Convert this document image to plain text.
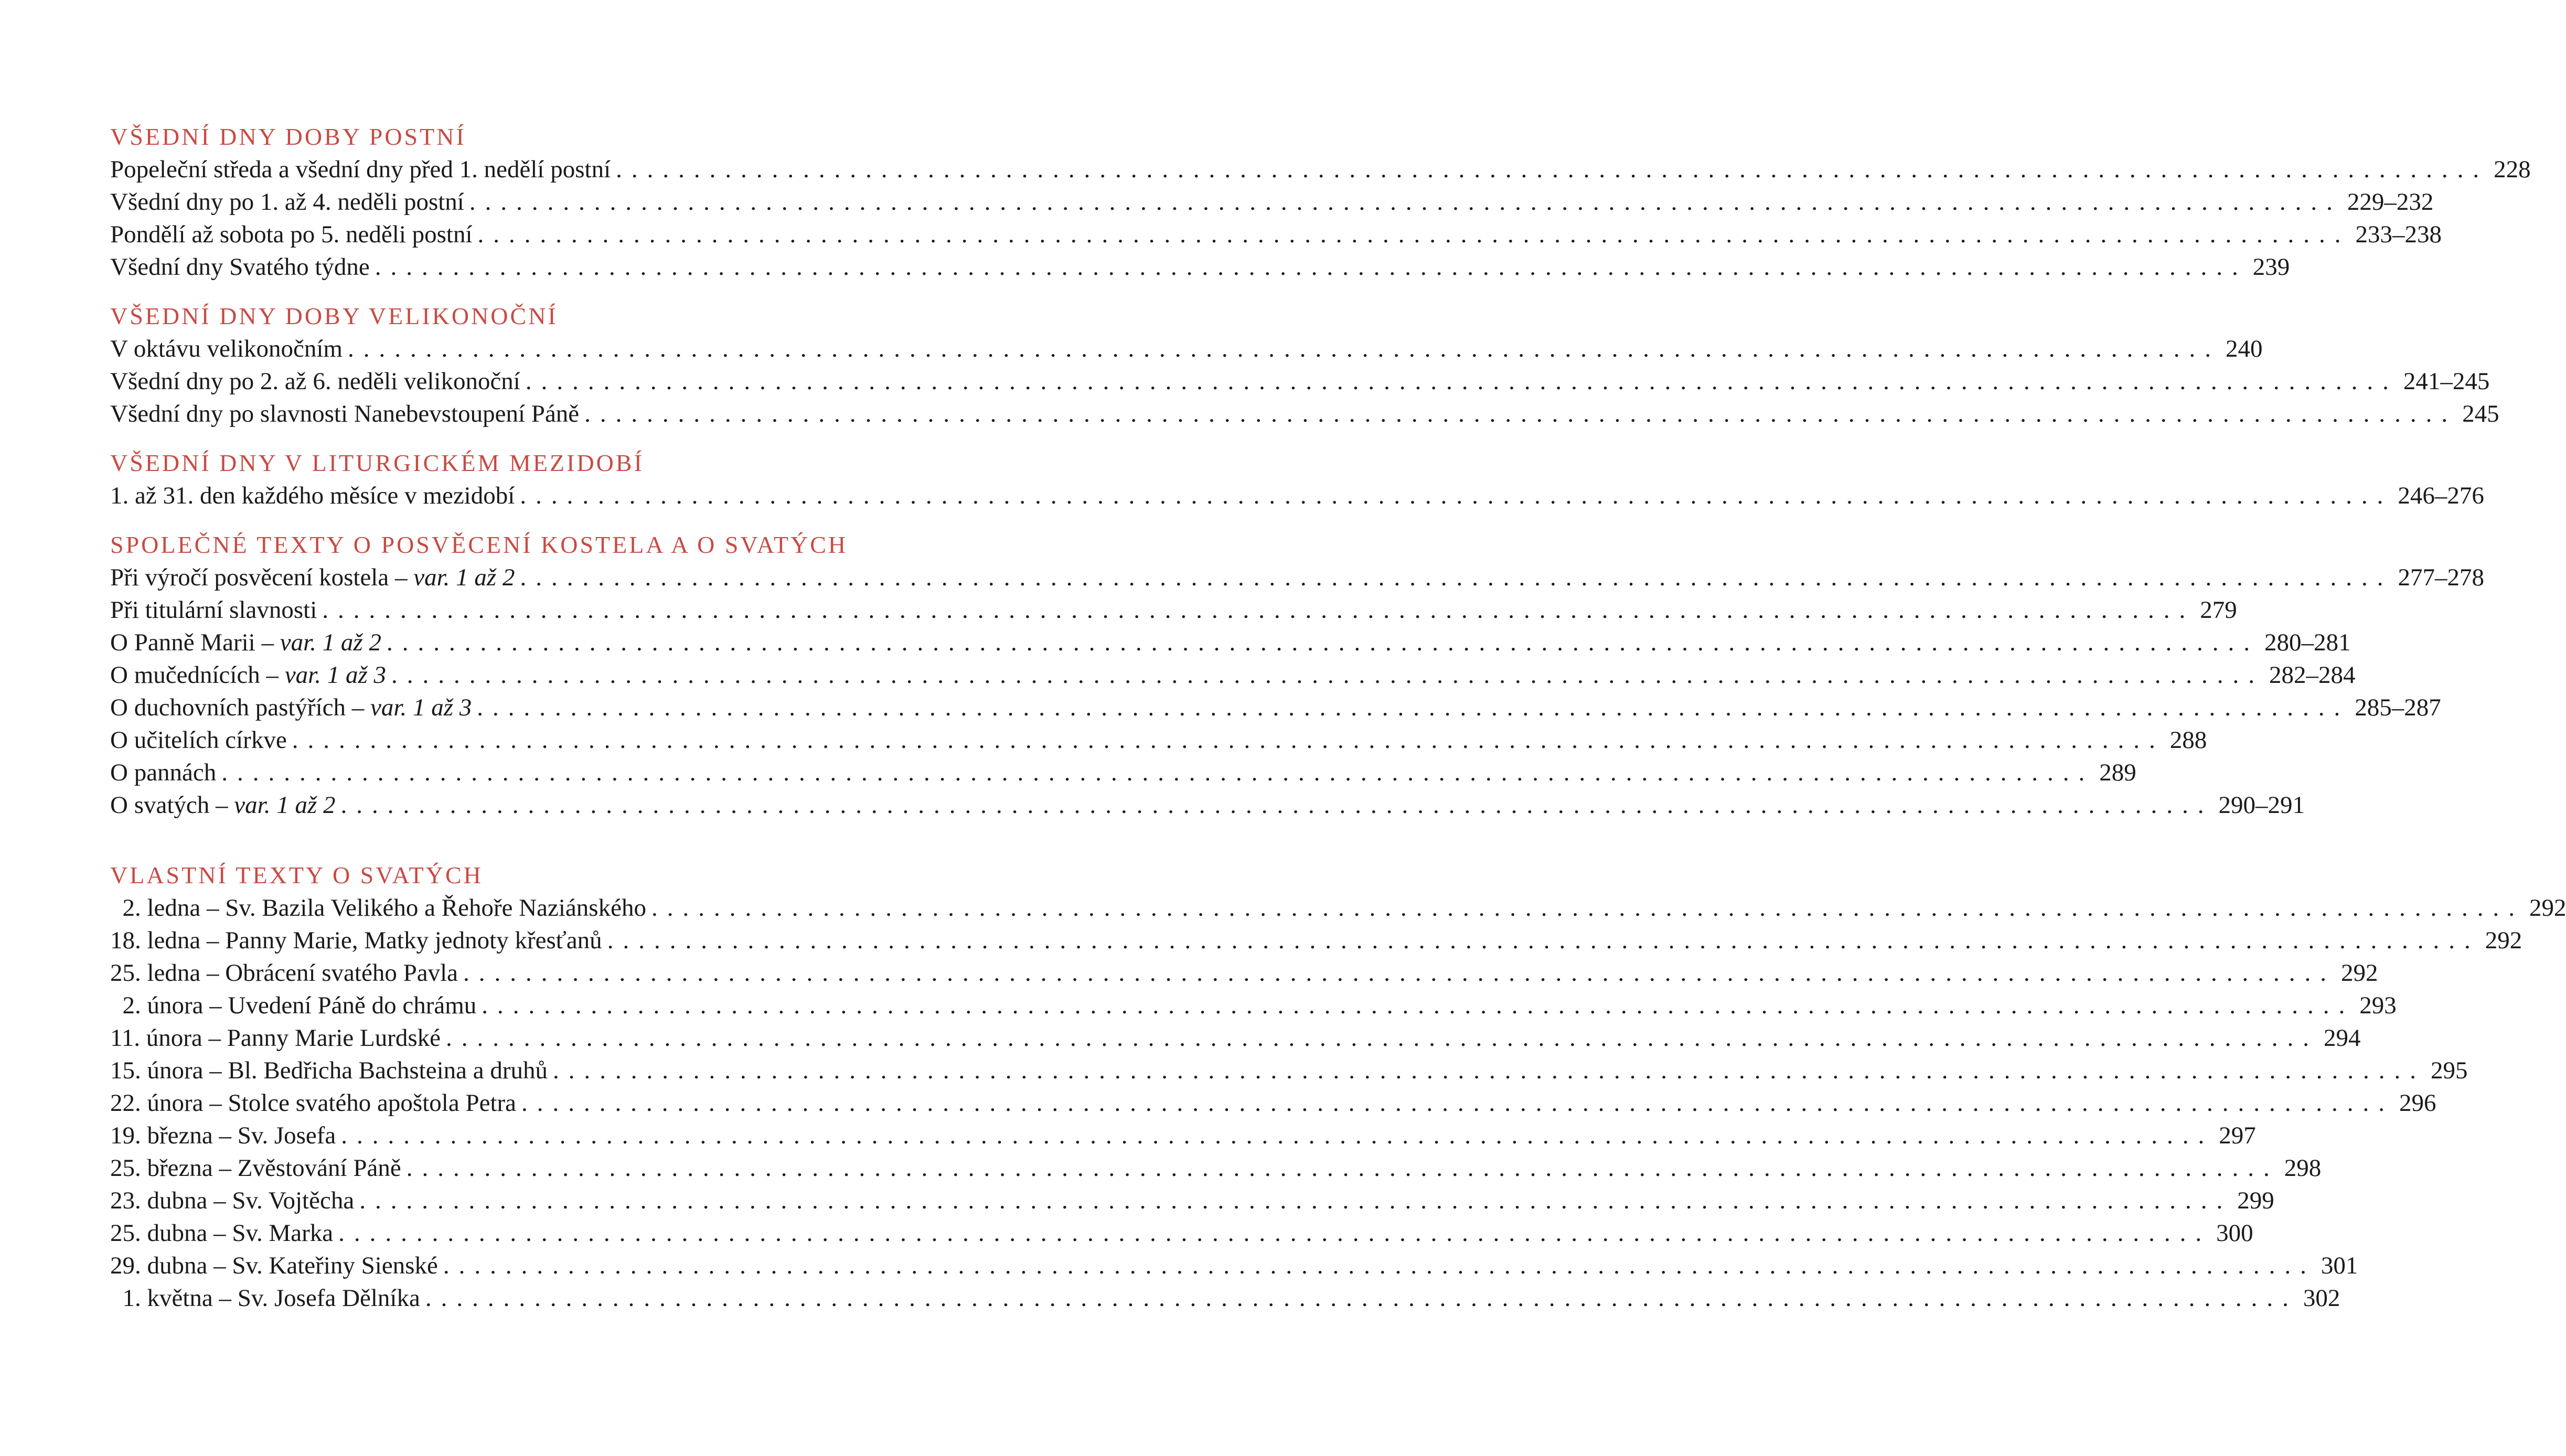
VŠEDNÍ DNY DOBY POSTNÍ
Popeleční středa a všední dny před 1. nedělí postní ........................................................................................................................ 228
Všední dny po 1. až 4. neděli postní ........................................................................................................................ 229–232
Pondělí až sobota po 5. neděli postní ........................................................................................................................ 233–238
Všední dny Svatého týdne ........................................................................................................................ 239
VŠEDNÍ DNY DOBY VELIKONOČNÍ
V oktávu velikonočním ........................................................................................................................ 240
Všední dny po 2. až 6. neděli velikonoční ........................................................................................................................ 241–245
Všední dny po slavnosti Nanebevstoupení Páně ........................................................................................................................ 245
VŠEDNÍ DNY V LITURGICKÉM MEZIDOBÍ
1. až 31. den každého měsíce v mezidobí ........................................................................................................................ 246–276
SPOLEČNÉ TEXTY O POSVĚCENÍ KOSTELA A O SVATÝCH
Při výročí posvěcení kostela – var. 1 až 2 ........................................................................................................................ 277–278
Při titulární slavnosti ........................................................................................................................ 279
O Panně Marii – var. 1 až 2 ........................................................................................................................ 280–281
O mučednících – var. 1 až 3 ........................................................................................................................ 282–284
O duchovních pastýřích – var. 1 až 3 ........................................................................................................................ 285–287
O učitelích církve ........................................................................................................................ 288
O pannách ........................................................................................................................ 289
O svatých – var. 1 až 2 ........................................................................................................................ 290–291
VLASTNÍ TEXTY O SVATÝCH
2. ledna – Sv. Bazila Velikého a Řehoře Naziánského ........................................................................................................................ 292
18. ledna – Panny Marie, Matky jednoty křesťanů ........................................................................................................................ 292
25. ledna – Obrácení svatého Pavla ........................................................................................................................ 292
2. února – Uvedení Páně do chrámu ........................................................................................................................ 293
11. února – Panny Marie Lurdské ........................................................................................................................ 294
15. února – Bl. Bedřicha Bachsteina a druhů ........................................................................................................................ 295
22. února – Stolce svatého apoštola Petra ........................................................................................................................ 296
19. března – Sv. Josefa ........................................................................................................................ 297
25. března – Zvěstování Páně ........................................................................................................................ 298
23. dubna – Sv. Vojtěcha ........................................................................................................................ 299
25. dubna – Sv. Marka ........................................................................................................................ 300
29. dubna – Sv. Kateřiny Sienské ........................................................................................................................ 301
1. května – Sv. Josefa Dělníka ........................................................................................................................ 302
